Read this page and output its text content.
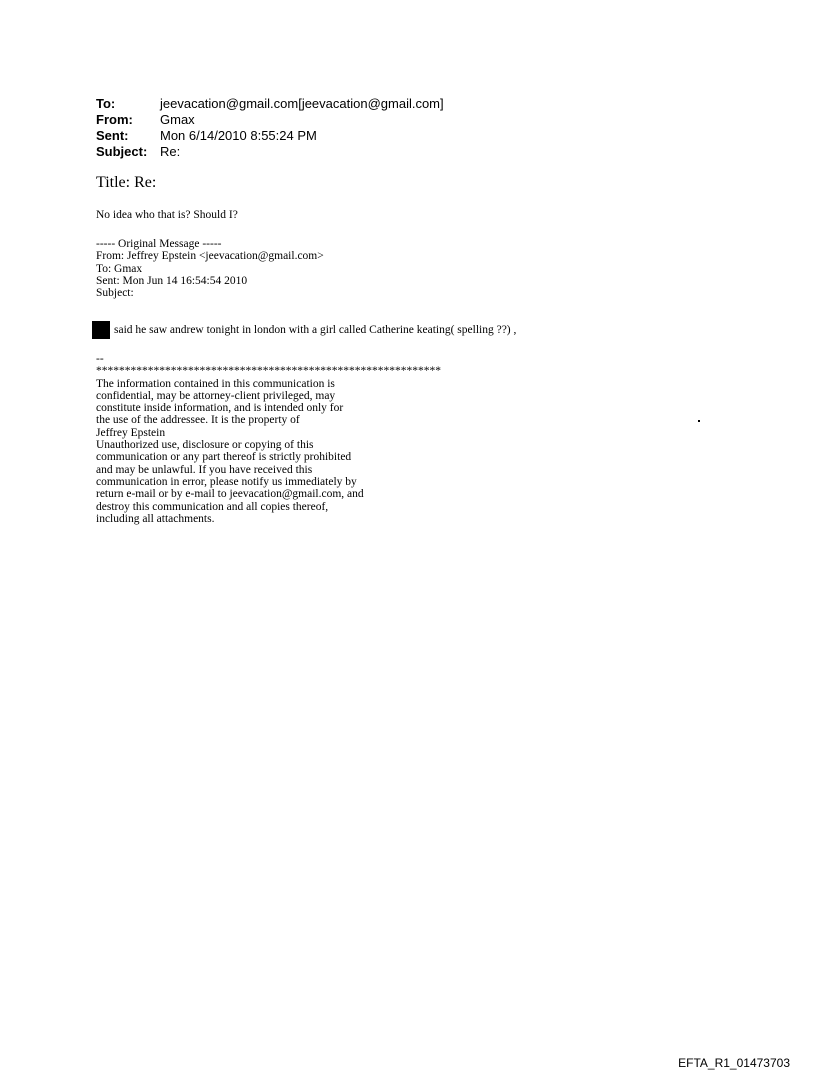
To:	jeevacation@gmail.com[jeevacation@gmail.com]
From:	Gmax
Sent:	Mon 6/14/2010 8:55:24 PM
Subject: Re:
Title: Re:
No idea who that is? Should I?
----- Original Message -----
From: Jeffrey Epstein <jeevacation@gmail.com>
To: Gmax
Sent: Mon Jun 14 16:54:54 2010
Subject:
said he saw andrew tonight in london with a girl called Catherine keating( spelling ??) ,
--
************************************************************
The information contained in this communication is
confidential, may be attorney-client privileged, may
constitute inside information, and is intended only for
the use of the addressee. It is the property of
Jeffrey Epstein
Unauthorized use, disclosure or copying of this
communication or any part thereof is strictly prohibited
and may be unlawful. If you have received this
communication in error, please notify us immediately by
return e-mail or by e-mail to jeevacation@gmail.com, and
destroy this communication and all copies thereof,
including all attachments.
EFTA_R1_01473703
